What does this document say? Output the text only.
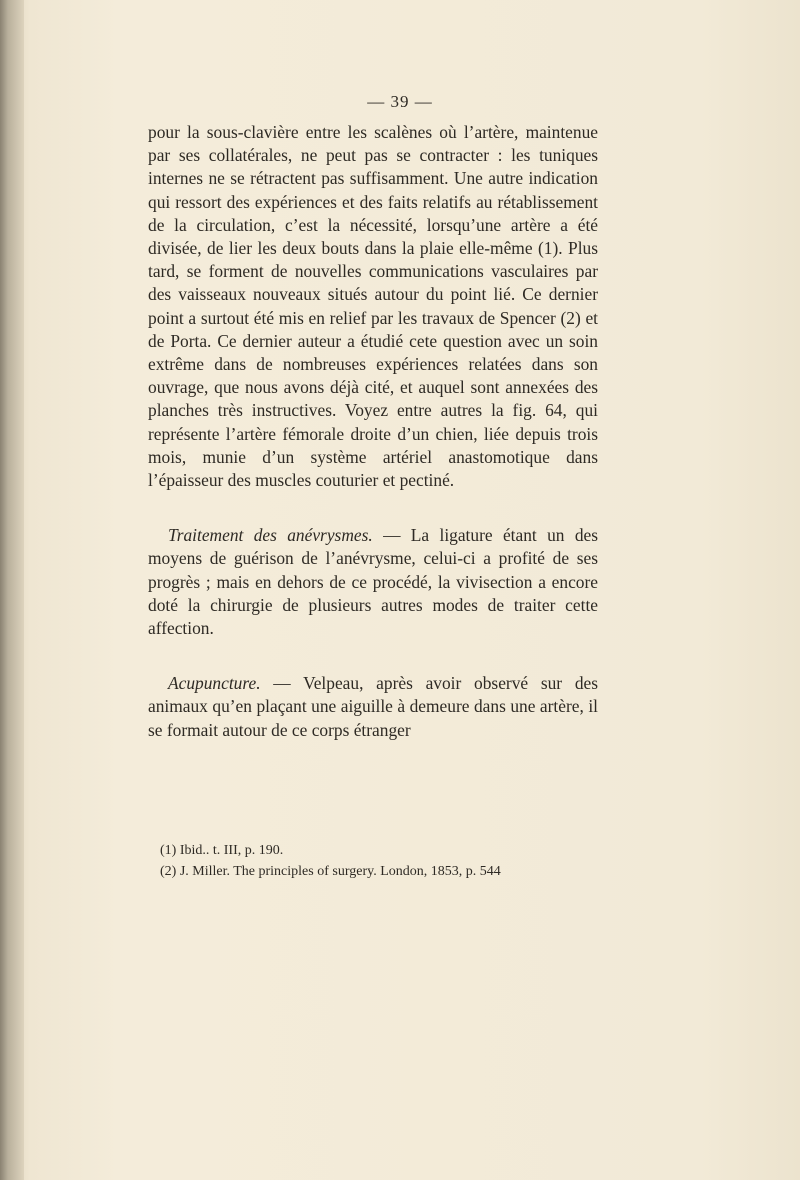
— 39 —

pour la sous-clavière entre les scalènes où l’artère, maintenue par ses collatérales, ne peut pas se contracter : les tuniques internes ne se rétractent pas suffisamment. Une autre indication qui ressort des expériences et des faits relatifs au rétablissement de la circulation, c’est la nécessité, lorsqu’une artère a été divisée, de lier les deux bouts dans la plaie elle-même (1). Plus tard, se forment de nouvelles communications vasculaires par des vaisseaux nouveaux situés autour du point lié. Ce dernier point a surtout été mis en relief par les travaux de Spencer (2) et de Porta. Ce dernier auteur a étudié cete question avec un soin extrême dans de nombreuses expériences relatées dans son ouvrage, que nous avons déjà cité, et auquel sont annexées des planches très instructives. Voyez entre autres la fig. 64, qui représente l’artère fémorale droite d’un chien, liée depuis trois mois, munie d’un système artériel anastomotique dans l’épaisseur des muscles couturier et pectiné.

Traitement des anévrysmes. — La ligature étant un des moyens de guérison de l’anévrysme, celui-ci a profité de ses progrès ; mais en dehors de ce procédé, la vivisection a encore doté la chirurgie de plusieurs autres modes de traiter cette affection.

Acupuncture. — Velpeau, après avoir observé sur des animaux qu’en plaçant une aiguille à demeure dans une artère, il se formait autour de ce corps étranger

(1) Ibid.. t. III, p. 190.
(2) J. Miller. The principles of surgery. London, 1853, p. 544
